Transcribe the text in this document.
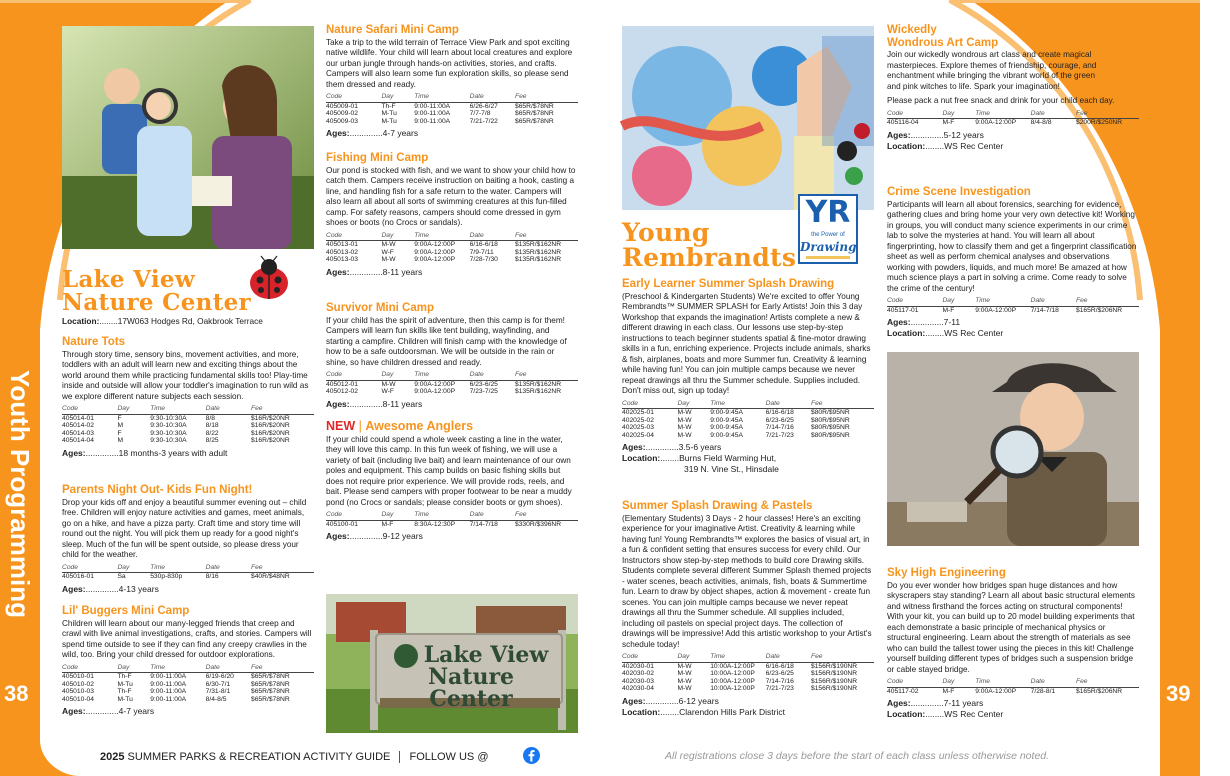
Youth Programming	Youth Programming
38	39
Lake View
Nature Center
Location:........17W063 Hodges Rd, Oakbrook Terrace
Nature Tots
Through story time, sensory bins, movement activities, and more, toddlers with an adult will learn new and exciting things about the world around them while practicing fundamental skills too! Play-time inside and outside will allow your toddler's imagination to run wild as we explore different nature subjects each session.
Code	Day	Time	Date	Fee
405014-01	F	9:30-10:30A	8/8	$16R/$20NR
405014-02	M	9:30-10:30A	8/18	$16R/$20NR
405014-03	F	9:30-10:30A	8/22	$16R/$20NR
405014-04	M	9:30-10:30A	8/25	$16R/$20NR
Ages:..............18 months-3 years with adult
Parents Night Out- Kids Fun Night!
Drop your kids off and enjoy a beautiful summer evening out – child free. Children will enjoy nature activities and games, meet animals, go on a hike, and have a pizza party. Craft time and story time will round out the night. You will pick them up ready for a good night's sleep. Much of the fun will be spent outside, so please dress your child for the weather.
Code	Day	Time	Date	Fee
405016-01	Sa	530p-830p	8/16	$40R/$48NR
Ages:..............4-13 years
Lil' Buggers Mini Camp
Children will learn about our many-legged friends that creep and crawl with live animal investigations, crafts, and stories. Campers will spend time outside to see if they can find any creepy crawlies in the wild, too. Bring your child dressed for outdoor explorations.
Code	Day	Time	Date	Fee
405010-01	Th-F	9:00-11:00A	6/19-6/20	$65R/$78NR
405010-02	M-Tu	9:00-11:00A	6/30-7/1	$65R/$78NR
405010-03	Th-F	9:00-11:00A	7/31-8/1	$65R/$78NR
405010-04	M-Tu	9:00-11:00A	8/4-8/5	$65R/$78NR
Ages:..............4-7 years
Nature Safari Mini Camp
Take a trip to the wild terrain of Terrace View Park and spot exciting native wildlife. Your child will learn about local creatures and explore our urban jungle through hands-on activities, stories, and crafts. Campers will also learn some fun exploration skills, so please send them dressed and ready.
Code	Day	Time	Date	Fee
405009-01	Th-F	9:00-11:00A	6/26-6/27	$65R/$78NR
405009-02	M-Tu	9:00-11:00A	7/7-7/8	$65R/$78NR
405009-03	M-Tu	9:00-11:00A	7/21-7/22	$65R/$78NR
Ages:..............4-7 years
Fishing Mini Camp
Our pond is stocked with fish, and we want to show your child how to catch them. Campers receive instruction on baiting a hook, casting a line, and handling fish for a safe return to the water. Campers will also learn all about all sorts of swimming creatures at this fun-filled camp. For safety reasons, campers should come dressed in gym shoes or boots (no Crocs or sandals).
Code	Day	Time	Date	Fee
405013-01	M-W	9:00A-12:00P	6/16-6/18	$135R/$162NR
405013-02	W-F	9:00A-12:00P	7/9-7/11	$135R/$162NR
405013-03	M-W	9:00A-12:00P	7/28-7/30	$135R/$162NR
Ages:..............8-11 years
Survivor Mini Camp
If your child has the spirit of adventure, then this camp is for them! Campers will learn fun skills like tent building, wayfinding, and starting a campfire. Children will finish camp with the knowledge of how to be a safe outdoorsman. We will be outside in the rain or shine, so have children dressed and ready.
Code	Day	Time	Date	Fee
405012-01	M-W	9:00A-12:00P	6/23-6/25	$135R/$162NR
405012-02	W-F	9:00A-12:00P	7/23-7/25	$135R/$162NR
Ages:..............8-11 years
NEW | Awesome Anglers
If your child could spend a whole week casting a line in the water, they will love this camp. In this fun week of fishing, we will use a variety of bait (including live bait) and learn maintenance of our own poles and equipment. This camp builds on basic fishing skills but does not require prior experience. We will provide rods, reels, and bait. Please send campers with proper footwear to be near a muddy pond (no Crocs or sandals; please consider boots or gym shoes).
Code	Day	Time	Date	Fee
405100-01	M-F	8:30A-12:30P	7/14-7/18	$330R/$396NR
Ages:..............9-12 years
Lake View
Nature Center
Young
Rembrandts
YR
the Power of
Drawing
Early Learner Summer Splash Drawing
(Preschool & Kindergarten Students) We're excited to offer Young Rembrandts™ SUMMER SPLASH for Early Artists! Join this 3 day Workshop that expands the imagination! Artists complete a new & different drawing in each class. Our lessons use step-by-step instructions to teach beginner students spatial & fine-motor drawing skills in a fun, enriching experience. Projects include animals, sharks & fish, airplanes, boats and more Summer fun. Creativity & learning while having fun! You can join multiple camps because we never repeat drawings all thru the Summer schedule. Supplies included. Don't miss out, sign up today!
Code	Day	Time	Date	Fee
402025-01	M-W	9:00-9:45A	6/16-6/18	$80R/$95NR
402025-02	M-W	9:00-9:45A	6/23-6/25	$80R/$95NR
402025-03	M-W	9:00-9:45A	7/14-7/16	$80R/$95NR
402025-04	M-W	9:00-9:45A	7/21-7/23	$80R/$95NR
Ages:..............3.5-6 years
Location:........Burns Field Warming Hut,
319 N. Vine St., Hinsdale
Summer Splash Drawing & Pastels
(Elementary Students) 3 Days - 2 hour classes! Here's an exciting experience for your imaginative Artist. Creativity & learning while having fun! Young Rembrandts™ explores the basics of visual art, in a fun & confident setting that ensures success for every child. Our Instructors show step-by-step methods to build core Drawing skills. Students complete several different Summer Splash themed projects - water scenes, beach activities, animals, fish, boats & Summertime fun. Learn to draw by object shapes, action & movement - create fun scenes. You can join multiple camps because we never repeat drawings all thru the Summer schedule. All supplies included, including oil pastels on special project days. The collection of drawings will be impressive! Add this artistic workshop to your Artist's schedule today!
Code	Day	Time	Date	Fee
402030-01	M-W	10:00A-12:00P	6/16-6/18	$156R/$190NR
402030-02	M-W	10:00A-12:00P	6/23-6/25	$156R/$190NR
402030-03	M-W	10:00A-12:00P	7/14-7/16	$156R/$190NR
402030-04	M-W	10:00A-12:00P	7/21-7/23	$156R/$190NR
Ages:..............6-12 years
Location:........Clarendon Hills Park District
Wickedly
Wondrous Art Camp
Join our wickedly wondrous art class and create magical masterpieces. Explore themes of friendship, courage, and enchantment while bringing the vibrant world of the green and pink witches to life. Spark your imagination!
Please pack a nut free snack and drink for your child each day.
Code	Day	Time	Date	Fee
405116-04	M-F	9:00A-12:00P	8/4-8/8	$200R/$250NR
Ages:..............5-12 years
Location:........WS Rec Center
Crime Scene Investigation
Participants will learn all about forensics, searching for evidence, gathering clues and bring home your very own detective kit! Working in groups, you will conduct many science experiments in our crime lab to solve the mysteries at hand. You will learn all about fingerprinting, how to classify them and get a fingerprint classification sheet as well as perform chemical analyses and observations working with powders, liquids, and much more! Be amazed at how much science plays a part in solving a crime. Come ready to solve the crime of the century!
Code	Day	Time	Date	Fee
405117-01	M-F	9:00A-12:00P	7/14-7/18	$165R/$206NR
Ages:..............7-11
Location:........WS Rec Center
Sky High Engineering
Do you ever wonder how bridges span huge distances and how skyscrapers stay standing? Learn all about basic structural elements and witness firsthand the forces acting on structural components! With your kit, you can build up to 20 model building experiments that each demonstrate a basic principle of mechanical physics or structural engineering. Learn about the strength of materials as see who can build the tallest tower using the pieces in this kit! Challenge yourself building different types of bridges such a suspension bridge or cable stayed bridge.
Code	Day	Time	Date	Fee
405117-02	M-F	9:00A-12:00P	7/28-8/1	$165R/$206NR
Ages:..............7-11 years
Location:........WS Rec Center
2025 SUMMER PARKS & RECREATION ACTIVITY GUIDE FOLLOW US @	All registrations close 3 days before the start of each class unless otherwise noted.
